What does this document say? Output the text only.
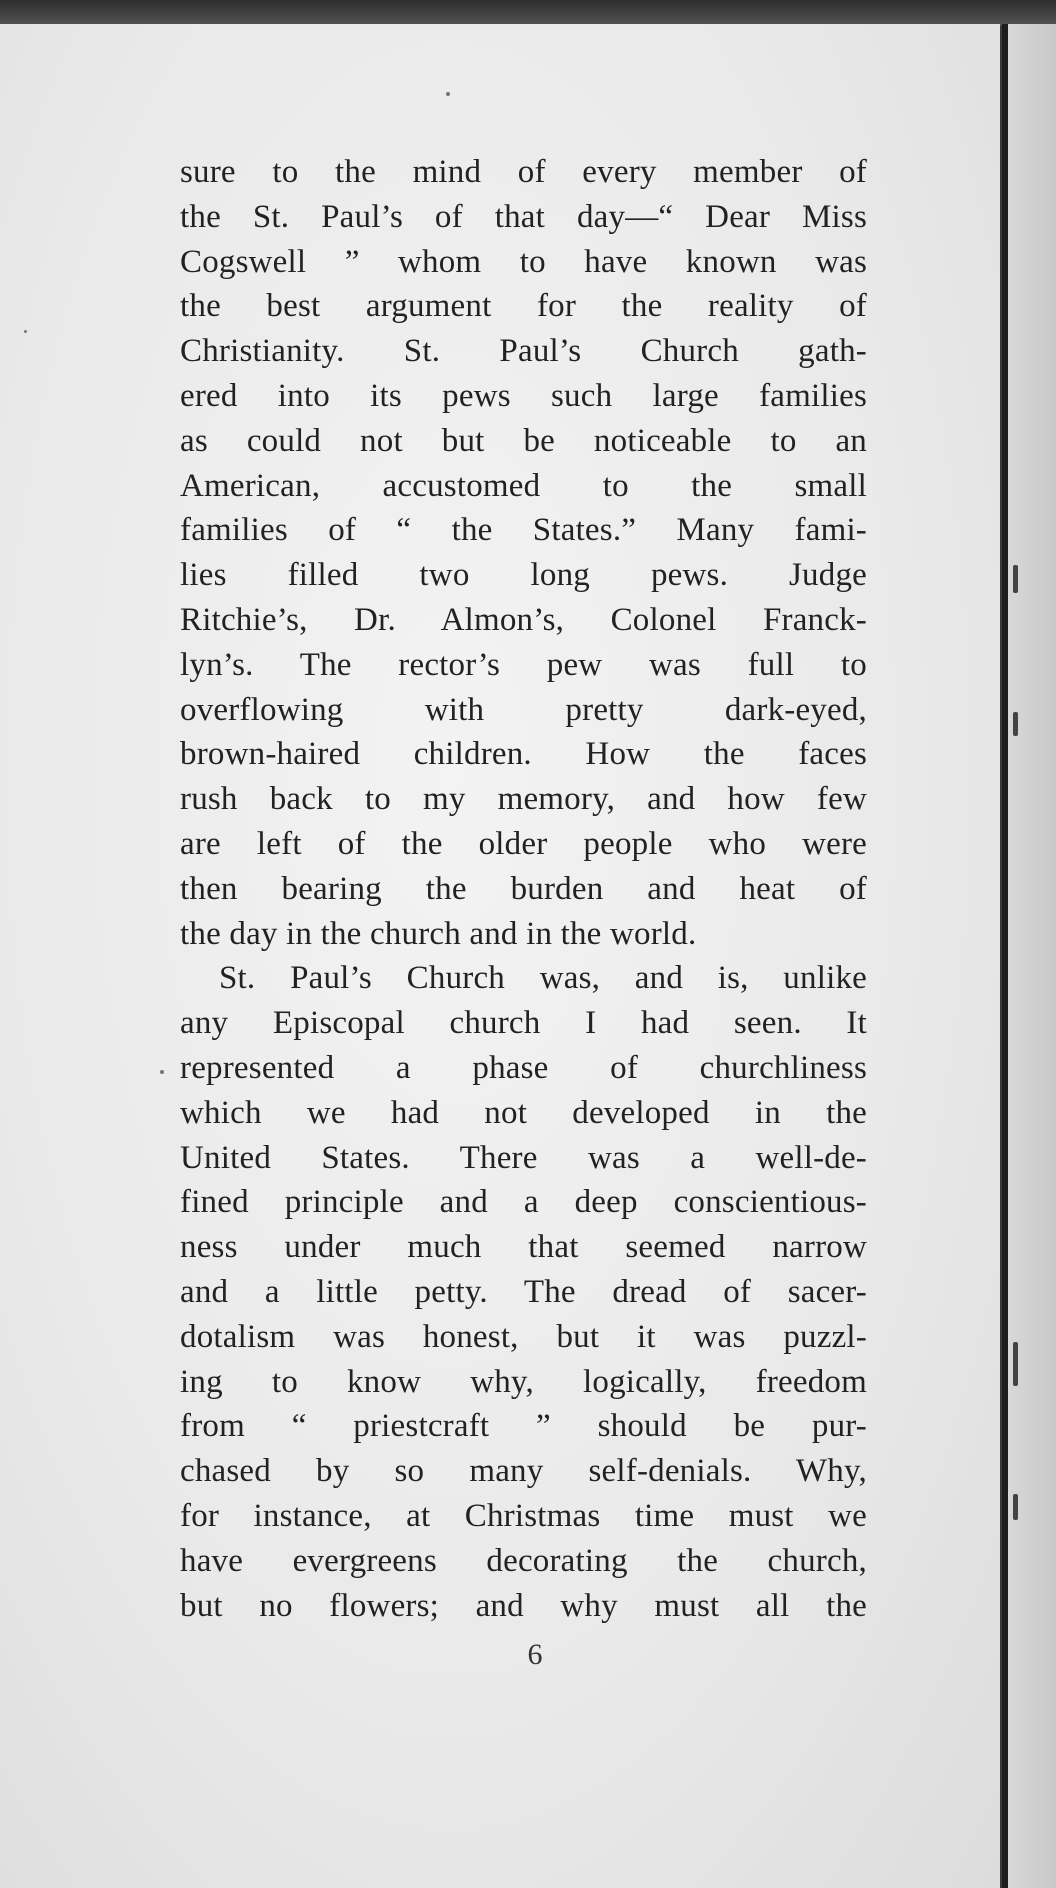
sure to the mind of every member of
the St. Paul’s of that day—“ Dear Miss
Cogswell ” whom to have known was
the best argument for the reality of
Christianity. St. Paul’s Church gath-
ered into its pews such large families
as could not but be noticeable to an
American, accustomed to the small
families of “ the States.” Many fami-
lies filled two long pews. Judge
Ritchie’s, Dr. Almon’s, Colonel Franck-
lyn’s. The rector’s pew was full to
overflowing with pretty dark-eyed,
brown-haired children. How the faces
rush back to my memory, and how few
are left of the older people who were
then bearing the burden and heat of
the day in the church and in the world.
St. Paul’s Church was, and is, unlike
any Episcopal church I had seen. It
represented a phase of churchliness
which we had not developed in the
United States. There was a well-de-
fined principle and a deep conscientious-
ness under much that seemed narrow
and a little petty. The dread of sacer-
dotalism was honest, but it was puzzl-
ing to know why, logically, freedom
from “ priestcraft ” should be pur-
chased by so many self-denials. Why,
for instance, at Christmas time must we
have evergreens decorating the church,
but no flowers; and why must all the
6
